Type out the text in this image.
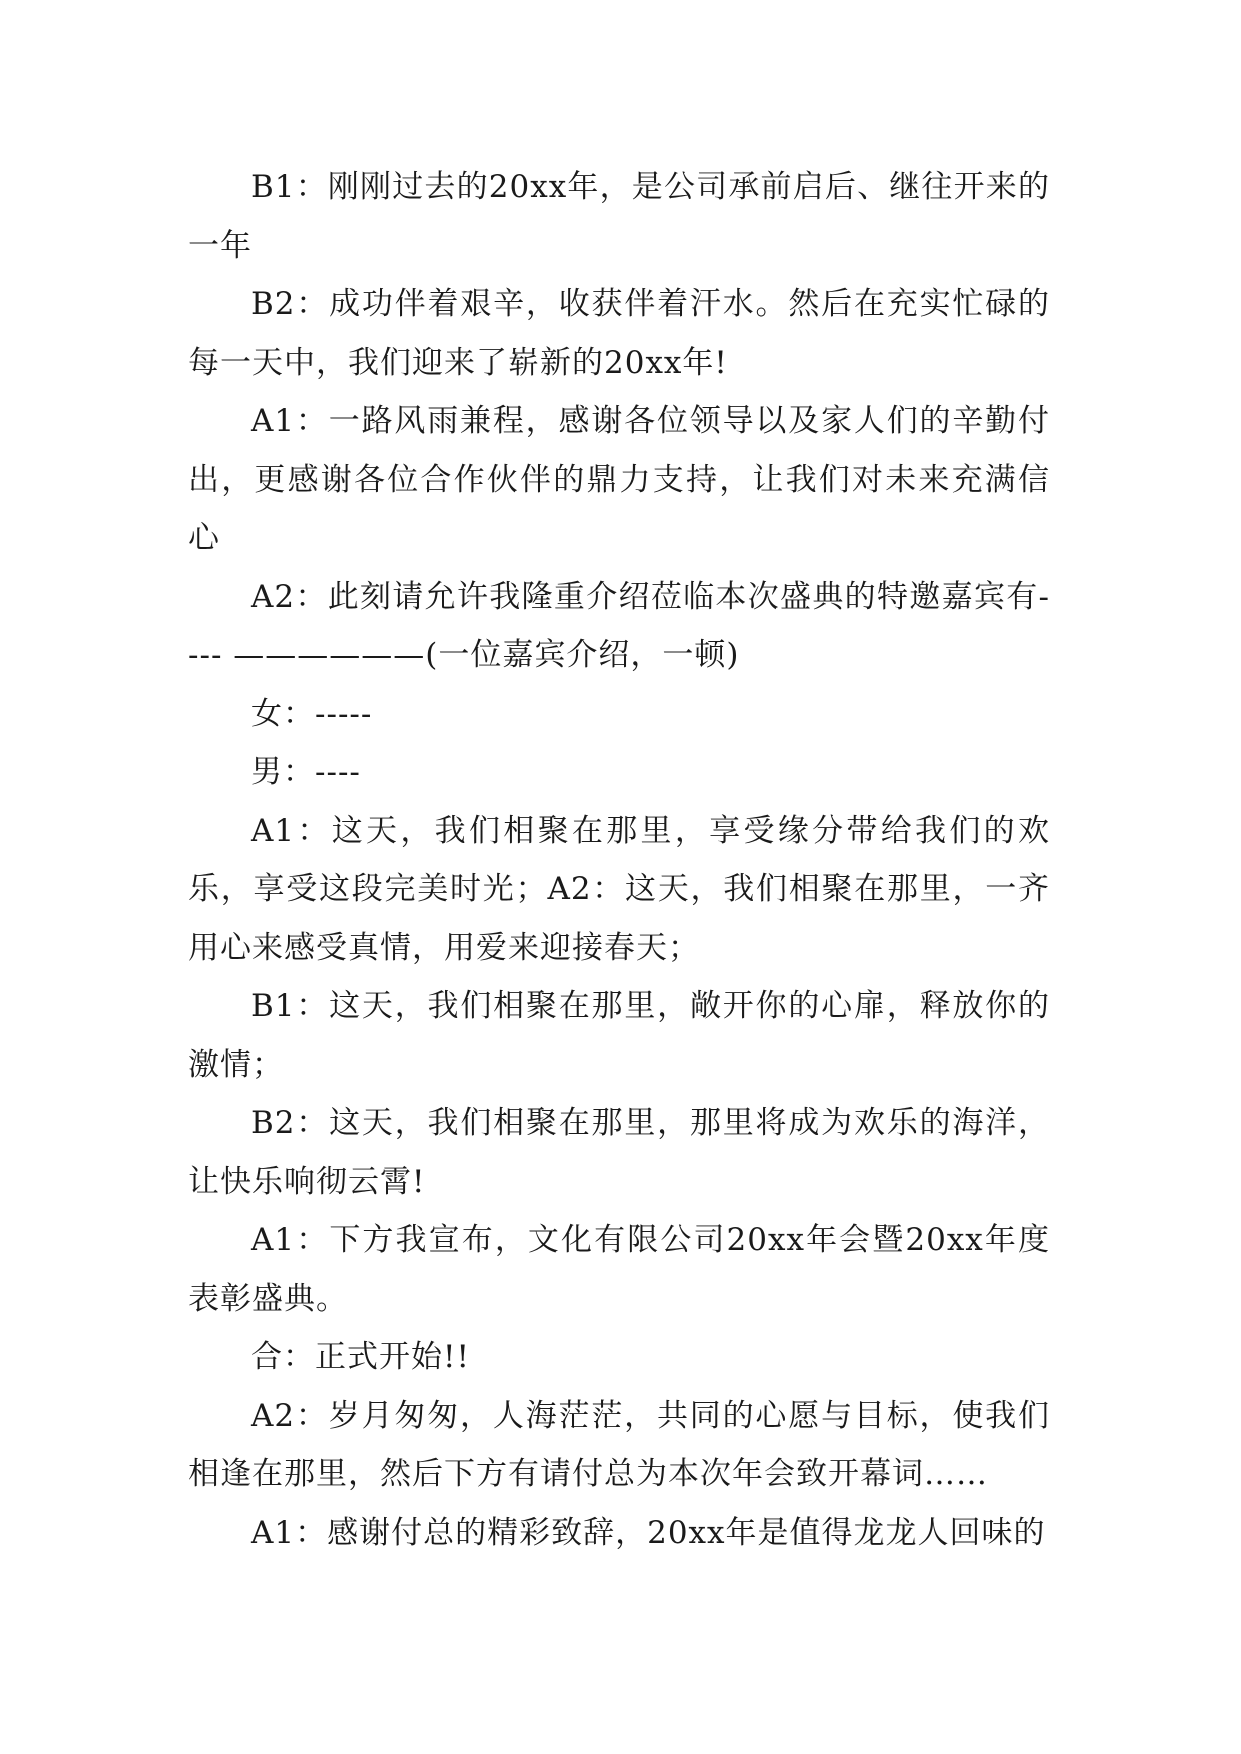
B1：刚刚过去的20xx年，是公司承前启后、继往开来的一年

B2：成功伴着艰辛，收获伴着汗水。然后在充实忙碌的每一天中，我们迎来了崭新的20xx年!

A1：一路风雨兼程，感谢各位领导以及家人们的辛勤付出，更感谢各位合作伙伴的鼎力支持，让我们对未来充满信心

A2：此刻请允许我隆重介绍莅临本次盛典的特邀嘉宾有---- ——————(一位嘉宾介绍，一顿)

女：-----

男：----

A1：这天，我们相聚在那里，享受缘分带给我们的欢乐，享受这段完美时光；A2：这天，我们相聚在那里，一齐用心来感受真情，用爱来迎接春天；

B1：这天，我们相聚在那里，敞开你的心扉，释放你的激情；

B2：这天，我们相聚在那里，那里将成为欢乐的海洋，让快乐响彻云霄!

A1：下方我宣布，文化有限公司20xx年会暨20xx年度表彰盛典。

合：正式开始!!

A2：岁月匆匆，人海茫茫，共同的心愿与目标，使我们相逢在那里，然后下方有请付总为本次年会致开幕词……

A1：感谢付总的精彩致辞，20xx年是值得龙龙人回味的
